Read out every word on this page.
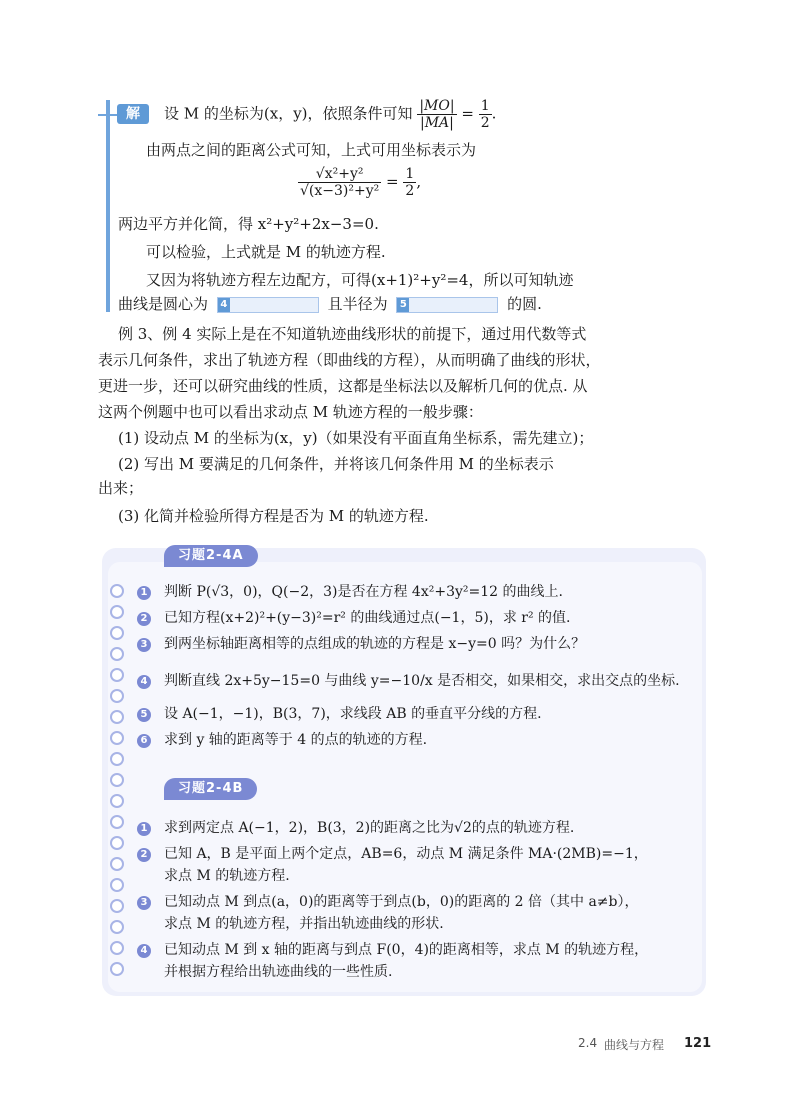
解	设 M 的坐标为(x，y)，依照条件可知 $\frac{|MO|}{|MA|} = \frac{1}{2}$ .
由两点之间的距离公式可知，上式可用坐标表示为
$\frac{\text{√x²+y²}}{\text{√(x−3)²+y²}} = \frac{1}{2}$ ,
两边平方并化简，得 x²+y²+2x−3=0.
可以检验，上式就是 M 的轨迹方程.
又因为将轨迹方程左边配方，可得(x+1)²+y²=4，所以可知轨迹
曲线是圆心为 4	且半径为 5	的圆.
例 3、例 4 实际上是在不知道轨迹曲线形状的前提下，通过用代数等式
表示几何条件，求出了轨迹方程（即曲线的方程），从而明确了曲线的形状，
更进一步，还可以研究曲线的性质，这都是坐标法以及解析几何的优点. 从
这两个例题中也可以看出求动点 M 轨迹方程的一般步骤：
(1) 设动点 M 的坐标为(x，y)（如果没有平面直角坐标系，需先建立)；
(2) 写出 M 要满足的几何条件，并将该几何条件用 M 的坐标表示
出来；
(3) 化简并检验所得方程是否为 M 的轨迹方程.
习题2-4A
1 判断 P(√3，0)，Q(−2，3)是否在方程 4x²+3y²=12 的曲线上.
2 已知方程(x+2)²+(y−3)²=r² 的曲线通过点(−1，5)，求 r² 的值.
3 到两坐标轴距离相等的点组成的轨迹的方程是 x−y=0 吗？为什么？
4 判断直线 2x+5y−15=0 与曲线 y=−10/x 是否相交，如果相交，求出交点的坐标.
5 设 A(−1，−1)，B(3，7)，求线段 AB 的垂直平分线的方程.
6 求到 y 轴的距离等于 4 的点的轨迹的方程.
习题2-4B
1 求到两定点 A(−1，2)，B(3，2)的距离之比为√2的点的轨迹方程.
2 已知 A，B 是平面上两个定点，AB=6，动点 M 满足条件 MA·(2MB)=−1，
求点 M 的轨迹方程.
3 已知动点 M 到点(a，0)的距离等于到点(b，0)的距离的 2 倍（其中 a≠b），
求点 M 的轨迹方程，并指出轨迹曲线的形状.
4 已知动点 M 到 x 轴的距离与到点 F(0，4)的距离相等，求点 M 的轨迹方程，
并根据方程给出轨迹曲线的一些性质.
2.4 曲线与方程 121
